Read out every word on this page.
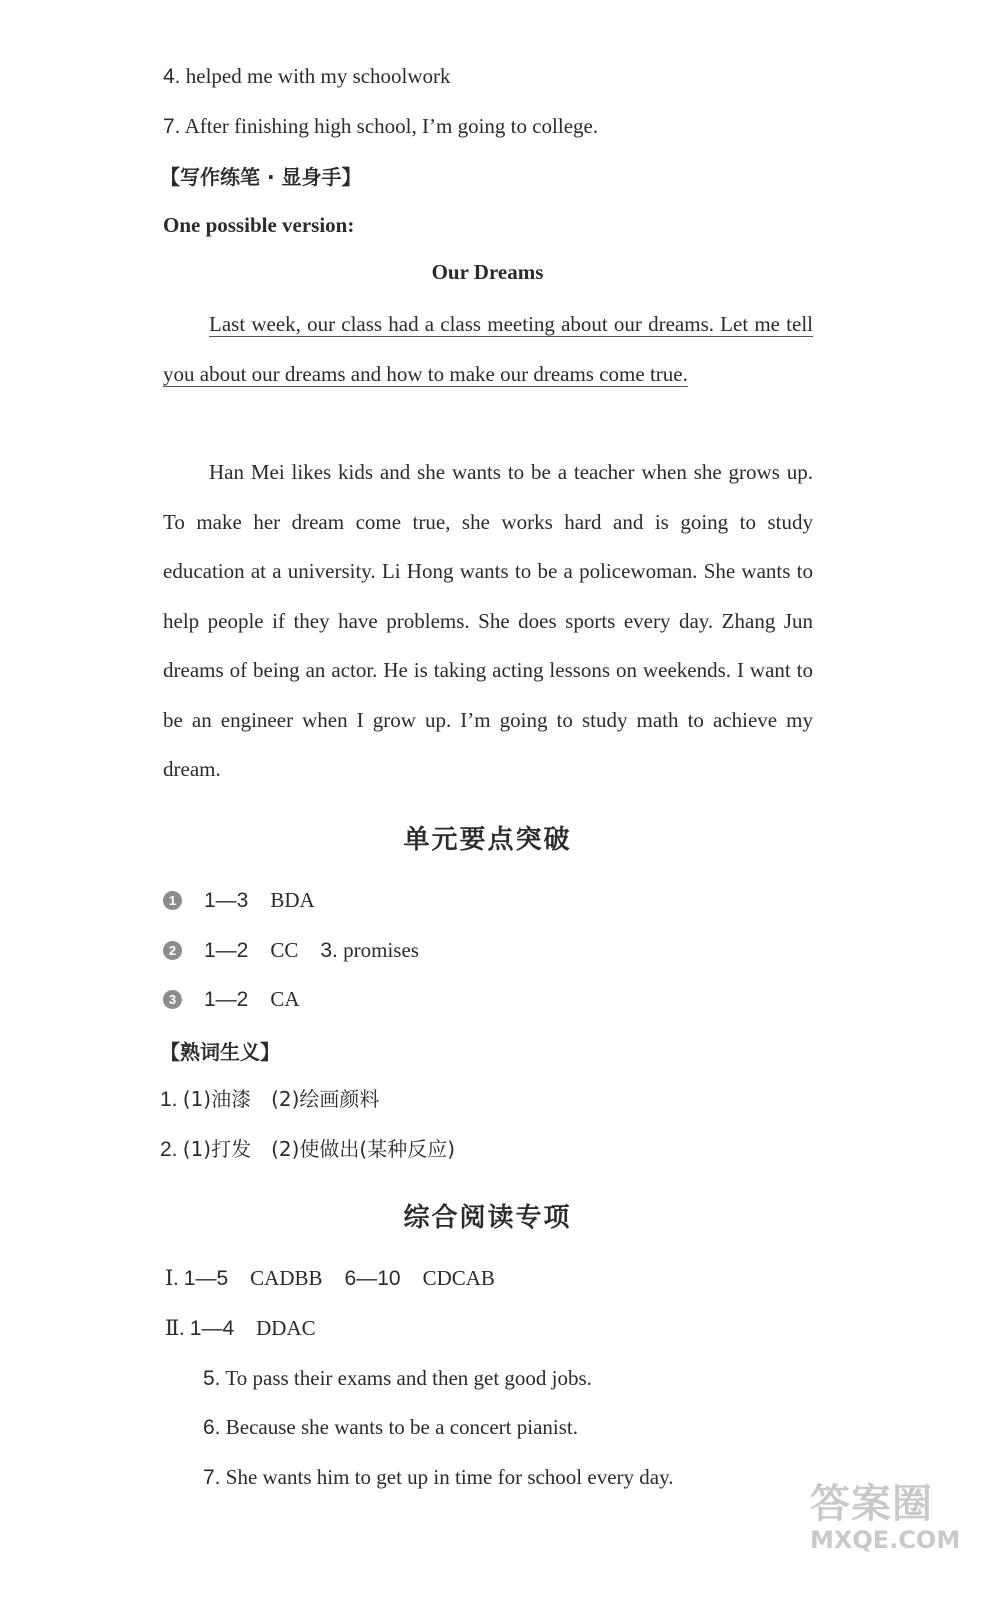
4. helped me with my schoolwork
7. After finishing high school, I’m going to college.
【写作练笔 · 显身手】
One possible version:
Our Dreams

Last week, our class had a class meeting about our dreams. Let me tell you about our dreams and how to make our dreams come true.

Han Mei likes kids and she wants to be a teacher when she grows up. To make her dream come true, she works hard and is going to study education at a university. Li Hong wants to be a policewoman. She wants to help people if they have problems. She does sports every day. Zhang Jun dreams of being an actor. He is taking acting lessons on weekends. I want to be an engineer when I grow up. I’m going to study math to achieve my dream.

单元要点突破
1 1—3 BDA
2 1—2 CC 3. promises
3 1—2 CA
【熟词生义】
1. (1)油漆　(2)绘画颜料
2. (1)打发　(2)使做出(某种反应)
综合阅读专项
Ⅰ. 1—5 CADBB 6—10 CDCAB
Ⅱ. 1—4 DDAC
5. To pass their exams and then get good jobs.
6. Because she wants to be a concert pianist.
7. She wants him to get up in time for school every day.
答案圈
MXQE.COM
